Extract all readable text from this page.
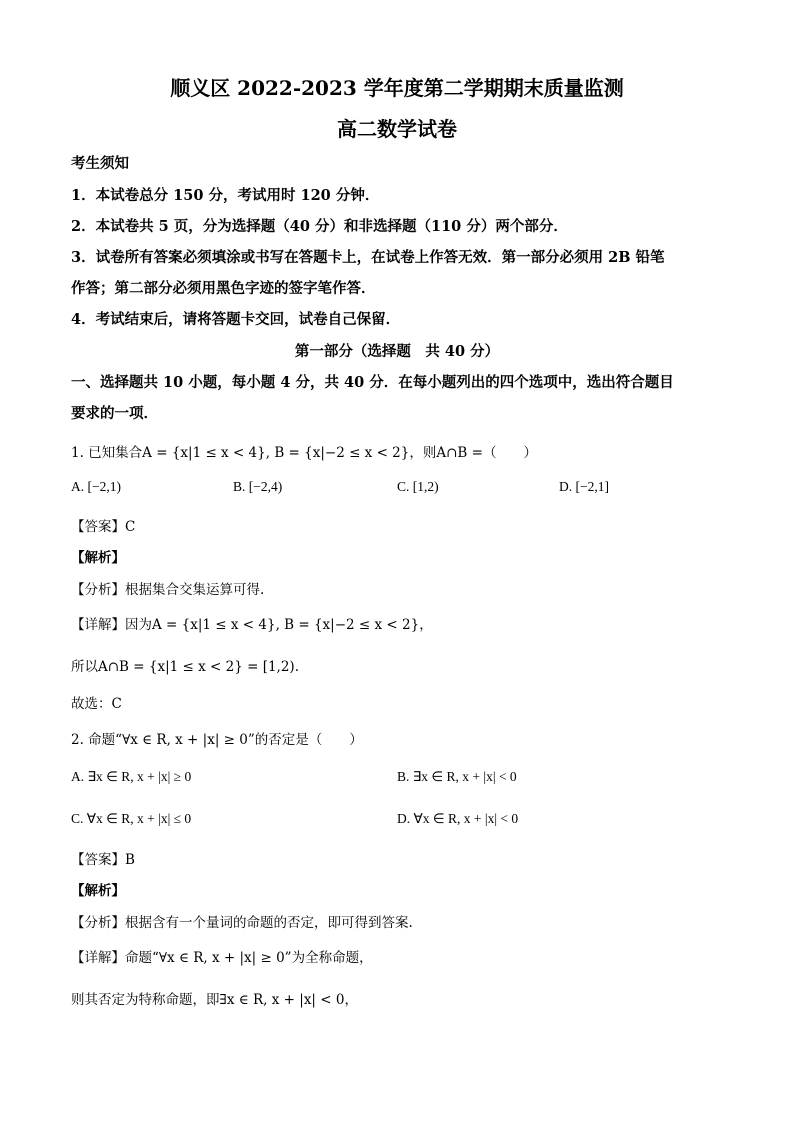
顺义区 2022-2023 学年度第二学期期末质量监测
高二数学试卷
考生须知
1．本试卷总分 150 分，考试用时 120 分钟．
2．本试卷共 5 页，分为选择题（40 分）和非选择题（110 分）两个部分．
3．试卷所有答案必须填涂或书写在答题卡上，在试卷上作答无效．第一部分必须用 2B 铅笔
作答；第二部分必须用黑色字迹的签字笔作答．
4．考试结束后，请将答题卡交回，试卷自己保留．
第一部分（选择题　共 40 分）
一、选择题共 10 小题，每小题 4 分，共 40 分．在每小题列出的四个选项中，选出符合题目
要求的一项．
1. 已知集合A = {x|1 ≤ x < 4}, B = {x|−2 ≤ x < 2}，则A∩B =（　　）
A. [−2,1)	B. [−2,4)	C. [1,2)	D. [−2,1]
【答案】C
【解析】
【分析】根据集合交集运算可得.
【详解】因为A = {x|1 ≤ x < 4}, B = {x|−2 ≤ x < 2}，
所以A∩B = {x|1 ≤ x < 2} = [1,2).
故选：C
2. 命题“∀x ∈ R, x + |x| ≥ 0”的否定是（　　）
A. ∃x ∈ R, x + |x| ≥ 0	B. ∃x ∈ R, x + |x| < 0
C. ∀x ∈ R, x + |x| ≤ 0	D. ∀x ∈ R, x + |x| < 0
【答案】B
【解析】
【分析】根据含有一个量词的命题的否定，即可得到答案.
【详解】命题“∀x ∈ R, x + |x| ≥ 0”为全称命题，
则其否定为特称命题，即∃x ∈ R, x + |x| < 0，
